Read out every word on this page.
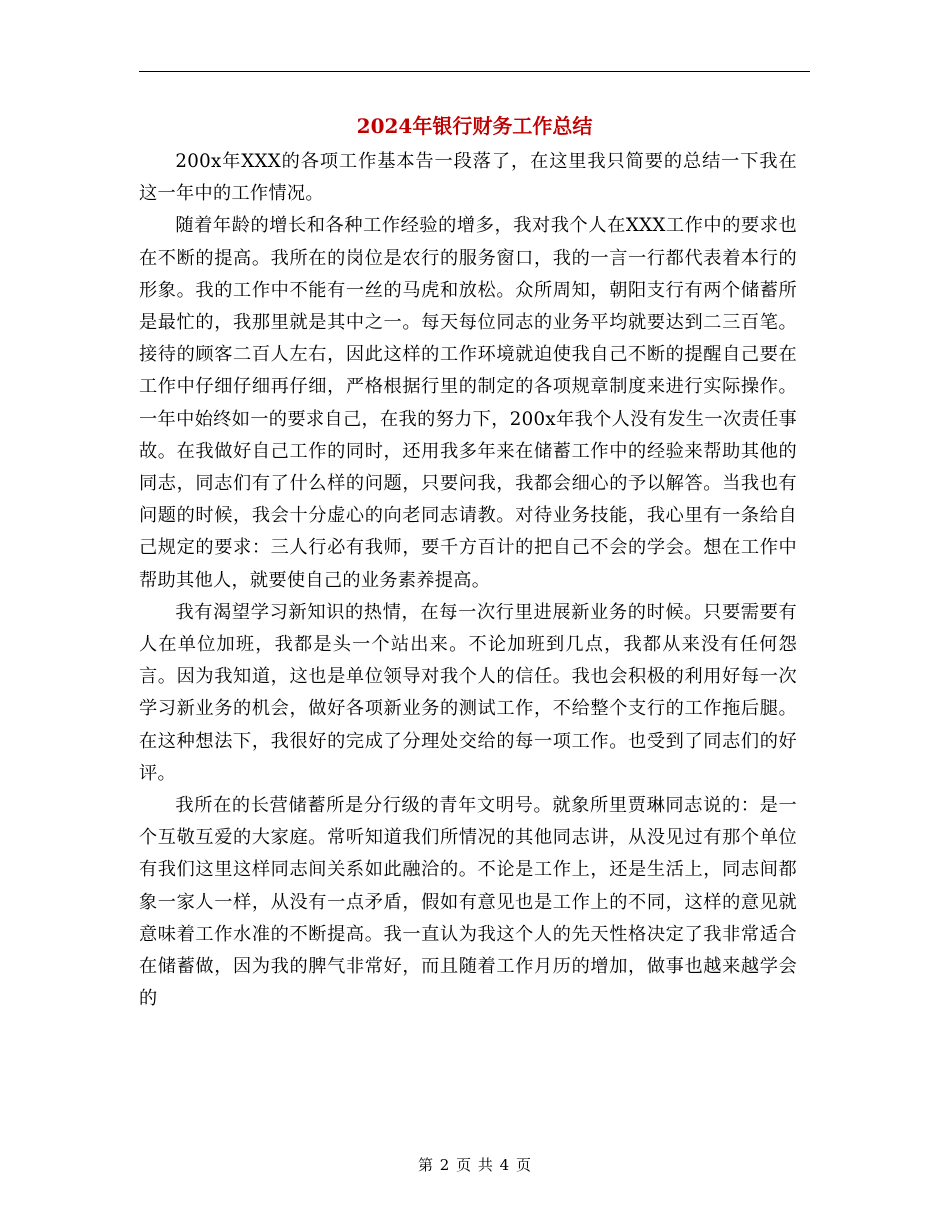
2024年银行财务工作总结

200x年XXX的各项工作基本告一段落了，在这里我只简要的总结一下我在这一年中的工作情况。

随着年龄的增长和各种工作经验的增多，我对我个人在XXX工作中的要求也在不断的提高。我所在的岗位是农行的服务窗口，我的一言一行都代表着本行的形象。我的工作中不能有一丝的马虎和放松。众所周知，朝阳支行有两个储蓄所是最忙的，我那里就是其中之一。每天每位同志的业务平均就要达到二三百笔。接待的顾客二百人左右，因此这样的工作环境就迫使我自己不断的提醒自己要在工作中仔细仔细再仔细，严格根据行里的制定的各项规章制度来进行实际操作。一年中始终如一的要求自己，在我的努力下，200x年我个人没有发生一次责任事故。在我做好自己工作的同时，还用我多年来在储蓄工作中的经验来帮助其他的同志，同志们有了什么样的问题，只要问我，我都会细心的予以解答。当我也有问题的时候，我会十分虚心的向老同志请教。对待业务技能，我心里有一条给自己规定的要求：三人行必有我师，要千方百计的把自己不会的学会。想在工作中帮助其他人，就要使自己的业务素养提高。

我有渴望学习新知识的热情，在每一次行里进展新业务的时候。只要需要有人在单位加班，我都是头一个站出来。不论加班到几点，我都从来没有任何怨言。因为我知道，这也是单位领导对我个人的信任。我也会积极的利用好每一次学习新业务的机会，做好各项新业务的测试工作，不给整个支行的工作拖后腿。在这种想法下，我很好的完成了分理处交给的每一项工作。也受到了同志们的好评。

我所在的长营储蓄所是分行级的青年文明号。就象所里贾琳同志说的：是一个互敬互爱的大家庭。常听知道我们所情况的其他同志讲，从没见过有那个单位有我们这里这样同志间关系如此融洽的。不论是工作上，还是生活上，同志间都象一家人一样，从没有一点矛盾，假如有意见也是工作上的不同，这样的意见就意味着工作水准的不断提高。我一直认为我这个人的先天性格决定了我非常适合在储蓄做，因为我的脾气非常好，而且随着工作月历的增加，做事也越来越学会的

第 2 页 共 4 页
